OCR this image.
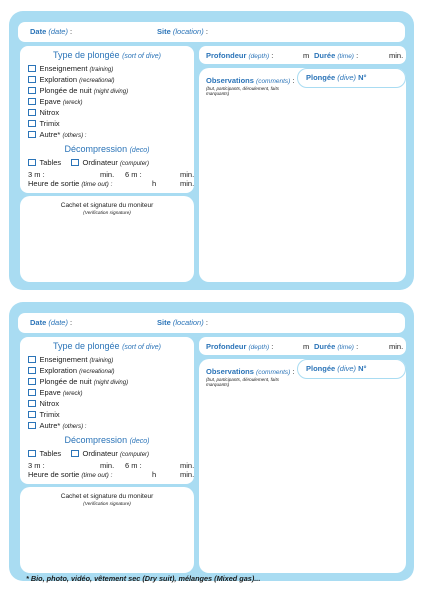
Date (date) :	Site (location) :
Type de plongée (sort of dive)
Enseignement (training)
Exploration (recreational)
Plongée de nuit (night diving)
Epave (wreck)
Nitrox
Trimix
Autre* (others) :
Décompression (deco)
Tables	Ordinateur (computer)
3 m :	min. 6 m :	min.
Heure de sortie (time out) :	h	min.
Cachet et signature du moniteur
(Verification signature)
Profondeur (depth) :	m Durée (time) :	min.
Observations (comments) :
(but, participants, déroulement, faits marquants)
Plongée (dive) N°
Date (date) :	Site (location) :
Type de plongée (sort of dive)
Enseignement (training)
Exploration (recreational)
Plongée de nuit (night diving)
Epave (wreck)
Nitrox
Trimix
Autre* (others) :
Décompression (deco)
Tables	Ordinateur (computer)
3 m :	min. 6 m :	min.
Heure de sortie (time out) :	h	min.
Cachet et signature du moniteur
(Verification signature)
Profondeur (depth) :	m Durée (time) :	min.
Observations (comments) :
(but, participants, déroulement, faits marquants)
Plongée (dive) N°
* Bio, photo, vidéo, vêtement sec (Dry suit), mélanges (Mixed gas)...
